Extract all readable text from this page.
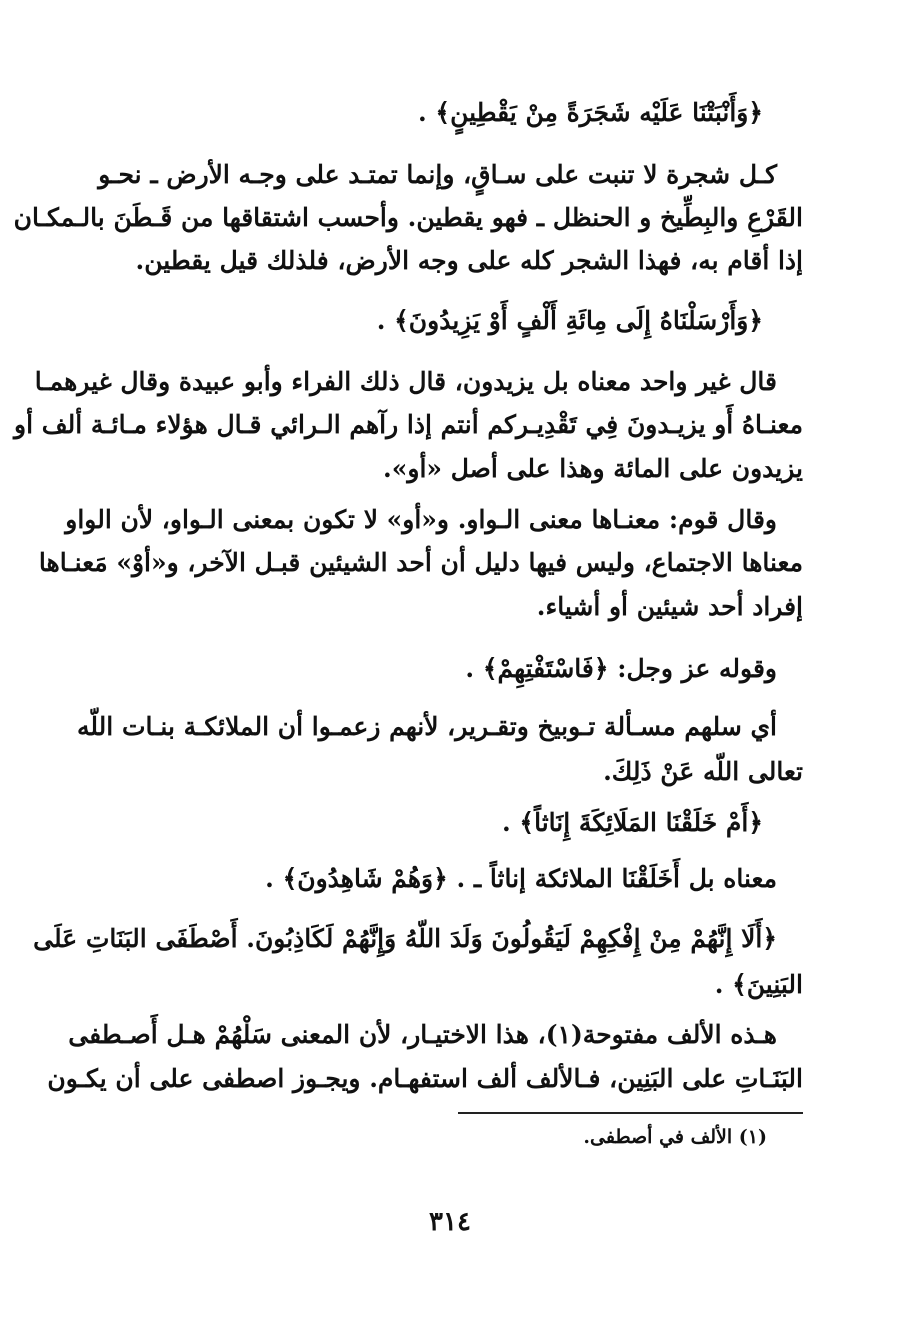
﴿وَأَنْبَتْنَا عَلَيْه شَجَرَةً مِنْ يَقْطِينٍ﴾ .
كـل شجرة لا تنبت على سـاقٍ، وإنما تمتـد على وجـه الأرض ـ نحـو
القَرْعِ والبِطِّيخ و الحنظل ـ فهو يقطين. وأحسب اشتقاقها من قَـطَنَ بالـمكـان
إذا أقام به، فهذا الشجر كله على وجه الأرض، فلذلك قيل يقطين.
﴿وَأَرْسَلْنَاهُ إِلَى مِائَةِ أَلْفٍ أَوْ يَزِيدُونَ﴾ .
قال غير واحد معناه بل يزيدون، قال ذلك الفراء وأبو عبيدة وقال غيرهمـا
معنـاهُ أَو يزيـدونَ فِي تَقْدِيـركم أنتم إذا رآهم الـرائي قـال هؤلاء مـائـة ألف أو
يزيدون على المائة وهذا على أصل «أو».
وقال قوم: معنـاها معنى الـواو. و«أو» لا تكون بمعنى الـواو، لأن الواو
معناها الاجتماع، وليس فيها دليل أن أحد الشيئين قبـل الآخر، و«أوْ» مَعنـاها
إفراد أحد شيئين أو أشياء.
وقوله عز وجل: ﴿فَاسْتَفْتِهِمْ﴾ .
أي سلهم مسـألة تـوبيخ وتقـرير، لأنهم زعمـوا أن الملائكـة بنـات اللّه
تعالى اللّه عَنْ ذَلِكَ.
﴿أَمْ خَلَقْنَا المَلَائِكَةَ إِنَاثاً﴾ .
معناه بل أَخَلَقْنَا الملائكة إناثاً ـ . ﴿وَهُمْ شَاهِدُونَ﴾ .
﴿أَلَا إِنَّهُمْ مِنْ إِفْكِهِمْ لَيَقُولُونَ وَلَدَ اللّهُ وَإِنَّهُمْ لَكَاذِبُونَ. أَصْطَفَى البَنَاتِ عَلَى
البَنِينَ﴾ .
هـذه الألف مفتوحة(١)، هذا الاختيـار، لأن المعنى سَلْهُمْ هـل أَصـطفى
البَنَـاتِ على البَنِين، فـالألف ألف استفهـام. ويجـوز اصطفى على أن يكـون
(١) الألف في أصطفى.
٣١٤
